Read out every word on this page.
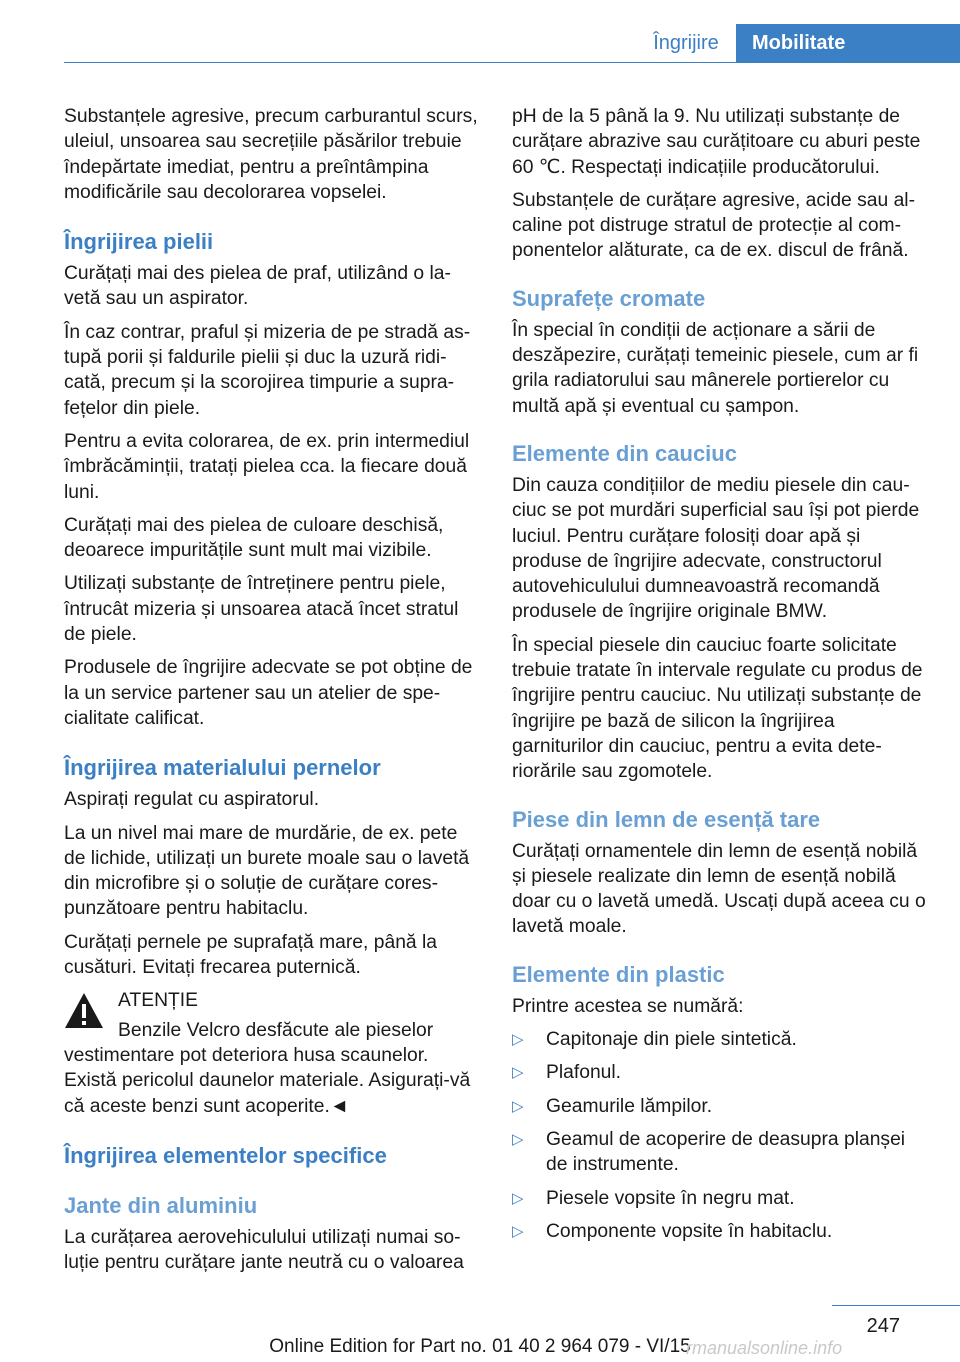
Îngrijire	Mobilitate

Substanțele agresive, precum carburantul scurs, uleiul, unsoarea sau secrețiile păsărilor trebuie îndepărtate imediat, pentru a preîntâmpina modificările sau decolorarea vopselei.

Îngrijirea pielii

Curățați mai des pielea de praf, utilizând o lavetă sau un aspirator.

În caz contrar, praful și mizeria de pe stradă astupă porii și faldurile pielii și duc la uzură ridicată, precum și la scorojirea timpurie a suprafețelor din piele.

Pentru a evita colorarea, de ex. prin intermediul îmbrăcăminții, tratați pielea cca. la fiecare două luni.

Curățați mai des pielea de culoare deschisă, deoarece impuritățile sunt mult mai vizibile.

Utilizați substanțe de întreținere pentru piele, întrucât mizeria și unsoarea atacă încet stratul de piele.

Produsele de îngrijire adecvate se pot obține de la un service partener sau un atelier de specialitate calificat.

Îngrijirea materialului pernelor

Aspirați regulat cu aspiratorul.

La un nivel mai mare de murdărie, de ex. pete de lichide, utilizați un burete moale sau o lavetă din microfibre și o soluție de curățare corespunzătoare pentru habitaclu.

Curățați pernele pe suprafață mare, până la cusături. Evitați frecarea puternică.

ATENȚIE

Benzile Velcro desfăcute ale pieselor

vestimentare pot deteriora husa scaunelor. Există pericolul daunelor materiale. Asigurați-vă că aceste benzi sunt acoperite.◄

Îngrijirea elementelor specifice
Jante din aluminiu

La curățarea aerovehiculului utilizați numai soluție pentru curățare jante neutră cu o valoarea

pH de la 5 până la 9. Nu utilizați substanțe de curățare abrazive sau curățitoare cu aburi peste 60 ℃. Respectați indicațiile producătorului.

Substanțele de curățare agresive, acide sau alcaline pot distruge stratul de protecție al componentelor alăturate, ca de ex. discul de frână.

Suprafețe cromate

În special în condiții de acționare a sării de deszăpezire, curățați temeinic piesele, cum ar fi grila radiatorului sau mânerele portierelor cu multă apă și eventual cu șampon.

Elemente din cauciuc

Din cauza condițiilor de mediu piesele din cauciuc se pot murdări superficial sau își pot pierde luciul. Pentru curățare folosiți doar apă și produse de îngrijire adecvate, constructorul autovehiculului dumneavoastră recomandă produsele de îngrijire originale BMW.

În special piesele din cauciuc foarte solicitate trebuie tratate în intervale regulate cu produs de îngrijire pentru cauciuc. Nu utilizați substanțe de îngrijire pe bază de silicon la îngrijirea garniturilor din cauciuc, pentru a evita deteriorările sau zgomotele.

Piese din lemn de esență tare

Curățați ornamentele din lemn de esență nobilă și piesele realizate din lemn de esență nobilă doar cu o lavetă umedă. Uscați după aceea cu o lavetă moale.

Elemente din plastic

Printre acestea se numără:

▷ Capitonaje din piele sintetică.
▷ Plafonul.
▷ Geamurile lămpilor.
▷ Geamul de acoperire de deasupra planșei de instrumente.
▷ Piesele vopsite în negru mat.
▷ Componente vopsite în habitaclu.
247
Online Edition for Part no. 01 40 2 964 079 - VI/15
rmanualsonline.info
